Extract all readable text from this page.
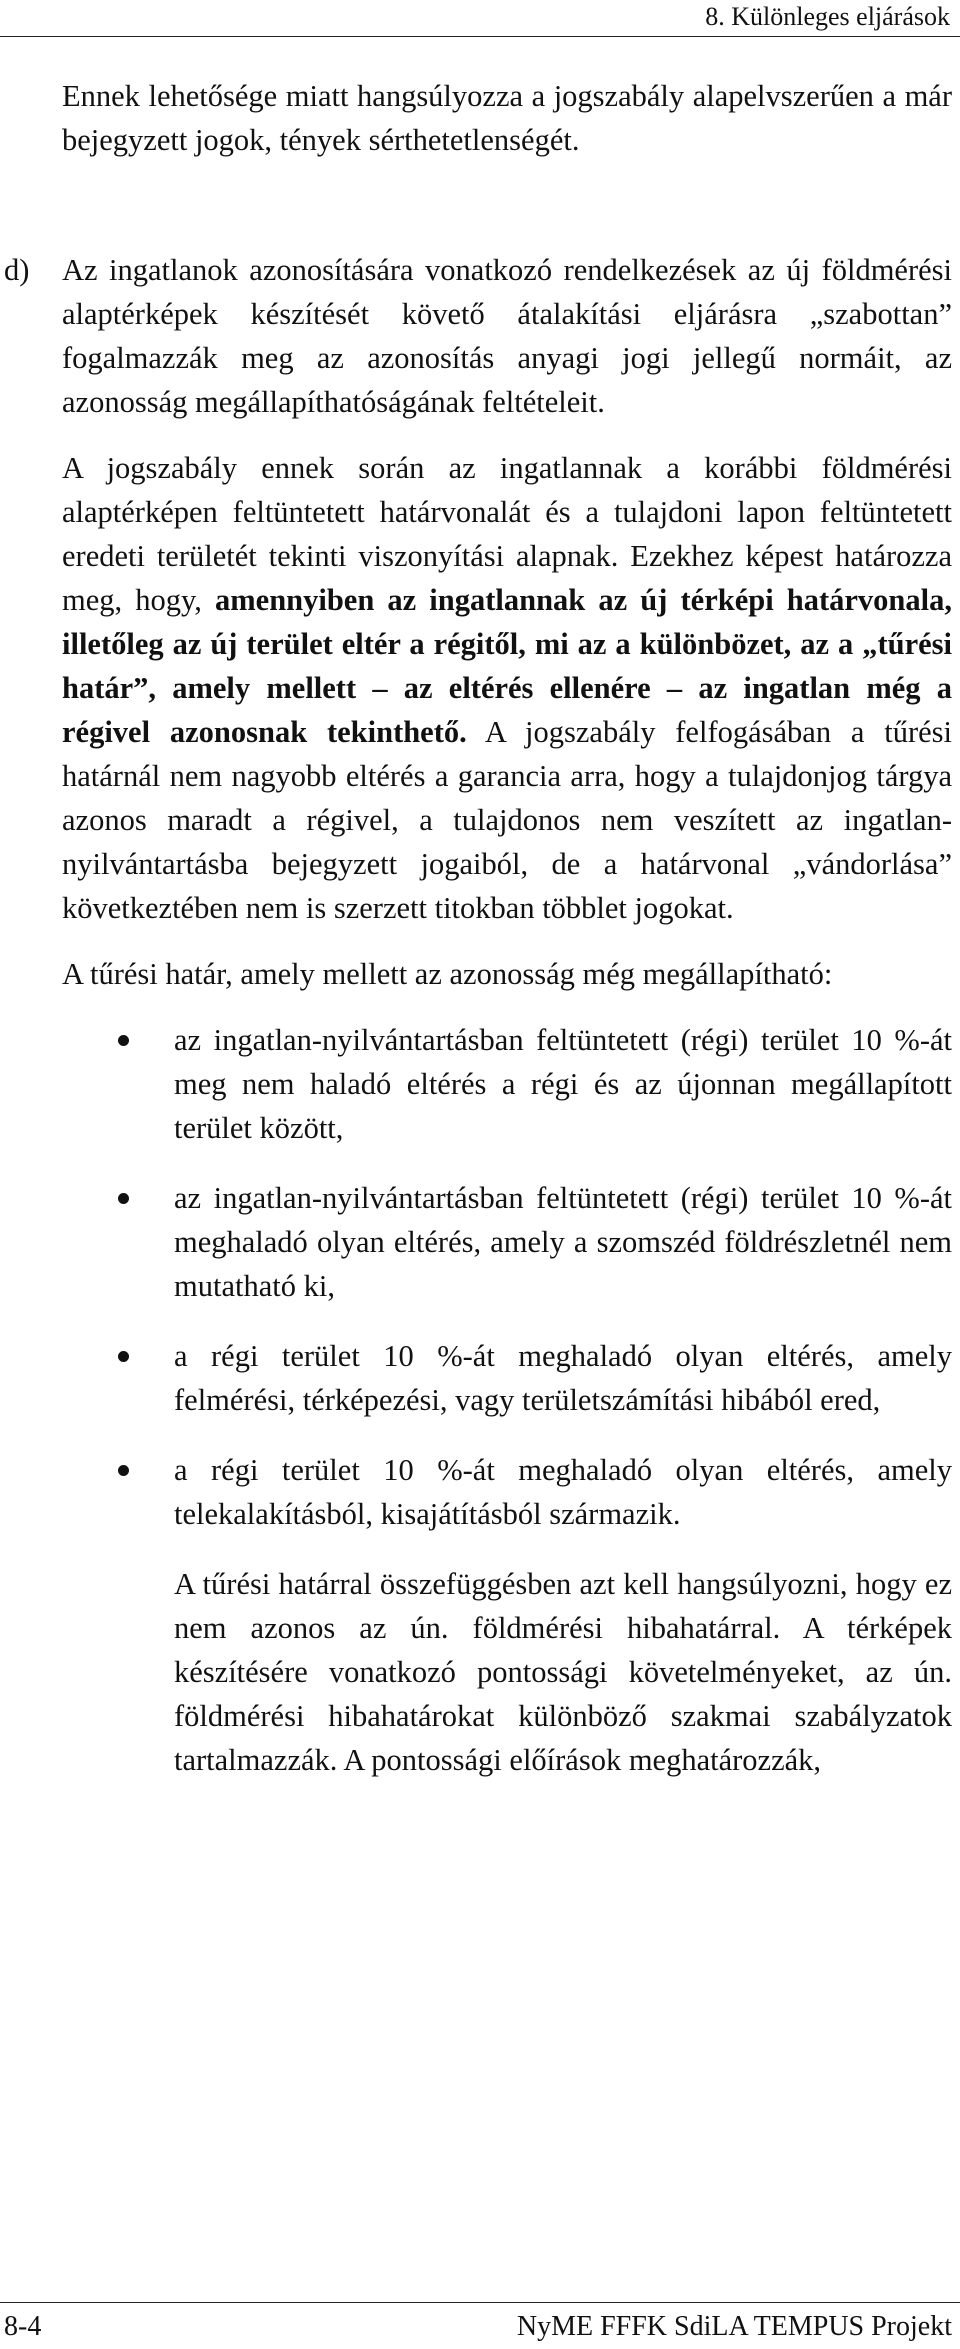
8. Különleges eljárások

Ennek lehetősége miatt hangsúlyozza a jogszabály alapelvszerűen a már bejegyzett jogok, tények sérthetetlenségét.

d) Az ingatlanok azonosítására vonatkozó rendelkezések az új földmérési alaptérképek készítését követő átalakítási eljárásra „szabottan” fogalmazzák meg az azonosítás anyagi jogi jellegű normáit, az azonosság megállapíthatóságának feltételeit.

A jogszabály ennek során az ingatlannak a korábbi földmérési alaptérképen feltüntetett határvonalát és a tulajdoni lapon feltüntetett eredeti területét tekinti viszonyítási alapnak. Ezekhez képest határozza meg, hogy, amennyiben az ingatlannak az új térképi határvonala, illetőleg az új terület eltér a régitől, mi az a különbözet, az a „tűrési határ”, amely mellett – az eltérés ellenére – az ingatlan még a régivel azonosnak tekinthető. A jogszabály felfogásában a tűrési határnál nem nagyobb eltérés a garancia arra, hogy a tulajdonjog tárgya azonos maradt a régivel, a tulajdonos nem veszített az ingatlan-nyilvántartásba bejegyzett jogaiból, de a határvonal „vándorlása” következtében nem is szerzett titokban többlet jogokat.

A tűrési határ, amely mellett az azonosság még megállapítható:

az ingatlan-nyilvántartásban feltüntetett (régi) terület 10 %-át meg nem haladó eltérés a régi és az újonnan megállapított terület között,
az ingatlan-nyilvántartásban feltüntetett (régi) terület 10 %-át meghaladó olyan eltérés, amely a szomszéd földrészletnél nem mutatható ki,
a régi terület 10 %-át meghaladó olyan eltérés, amely felmérési, térképezési, vagy területszámítási hibából ered,
a régi terület 10 %-át meghaladó olyan eltérés, amely telekalakításból, kisajátításból származik.

A tűrési határral összefüggésben azt kell hangsúlyozni, hogy ez nem azonos az ún. földmérési hibahatárral. A térképek készítésére vonatkozó pontossági követelményeket, az ún. földmérési hibahatárokat különböző szakmai szabályzatok tartalmazzák. A pontossági előírások meghatározzák,

8-4	NyME FFFK SdiLA TEMPUS Projekt
